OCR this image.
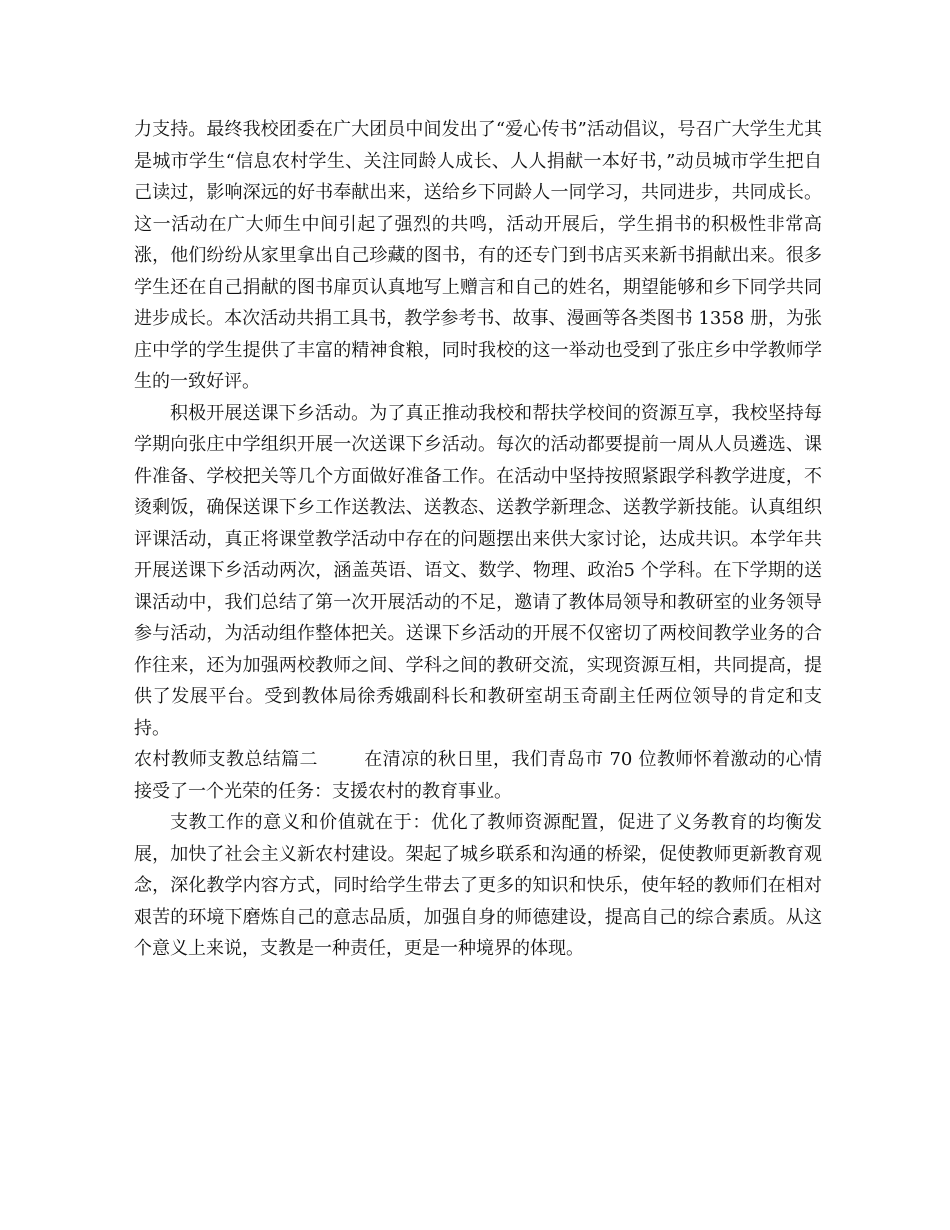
力支持。最终我校团委在广大团员中间发出了“爱心传书”活动倡议，号召广大学生尤其是城市学生“信息农村学生、关注同龄人成长、人人捐献一本好书，”动员城市学生把自己读过，影响深远的好书奉献出来，送给乡下同龄人一同学习，共同进步，共同成长。这一活动在广大师生中间引起了强烈的共鸣，活动开展后，学生捐书的积极性非常高涨，他们纷纷从家里拿出自己珍藏的图书，有的还专门到书店买来新书捐献出来。很多学生还在自己捐献的图书扉页认真地写上赠言和自己的姓名，期望能够和乡下同学共同进步成长。本次活动共捐工具书，教学参考书、故事、漫画等各类图书 1358 册，为张庄中学的学生提供了丰富的精神食粮，同时我校的这一举动也受到了张庄乡中学教师学生的一致好评。

积极开展送课下乡活动。为了真正推动我校和帮扶学校间的资源互享，我校坚持每学期向张庄中学组织开展一次送课下乡活动。每次的活动都要提前一周从人员遴选、课件准备、学校把关等几个方面做好准备工作。在活动中坚持按照紧跟学科教学进度，不烫剩饭，确保送课下乡工作送教法、送教态、送教学新理念、送教学新技能。认真组织评课活动，真正将课堂教学活动中存在的问题摆出来供大家讨论，达成共识。本学年共开展送课下乡活动两次，涵盖英语、语文、数学、物理、政治5 个学科。在下学期的送课活动中，我们总结了第一次开展活动的不足，邀请了教体局领导和教研室的业务领导参与活动，为活动组作整体把关。送课下乡活动的开展不仅密切了两校间教学业务的合作往来，还为加强两校教师之间、学科之间的教研交流，实现资源互相，共同提高，提供了发展平台。受到教体局徐秀娥副科长和教研室胡玉奇副主任两位领导的肯定和支持。

农村教师支教总结篇二	在清凉的秋日里，我们青岛市 70 位教师怀着激动的心情接受了一个光荣的任务：支援农村的教育事业。

支教工作的意义和价值就在于：优化了教师资源配置，促进了义务教育的均衡发展，加快了社会主义新农村建设。架起了城乡联系和沟通的桥梁，促使教师更新教育观念，深化教学内容方式，同时给学生带去了更多的知识和快乐，使年轻的教师们在相对艰苦的环境下磨炼自己的意志品质，加强自身的师德建设，提高自己的综合素质。从这个意义上来说，支教是一种责任，更是一种境界的体现。
